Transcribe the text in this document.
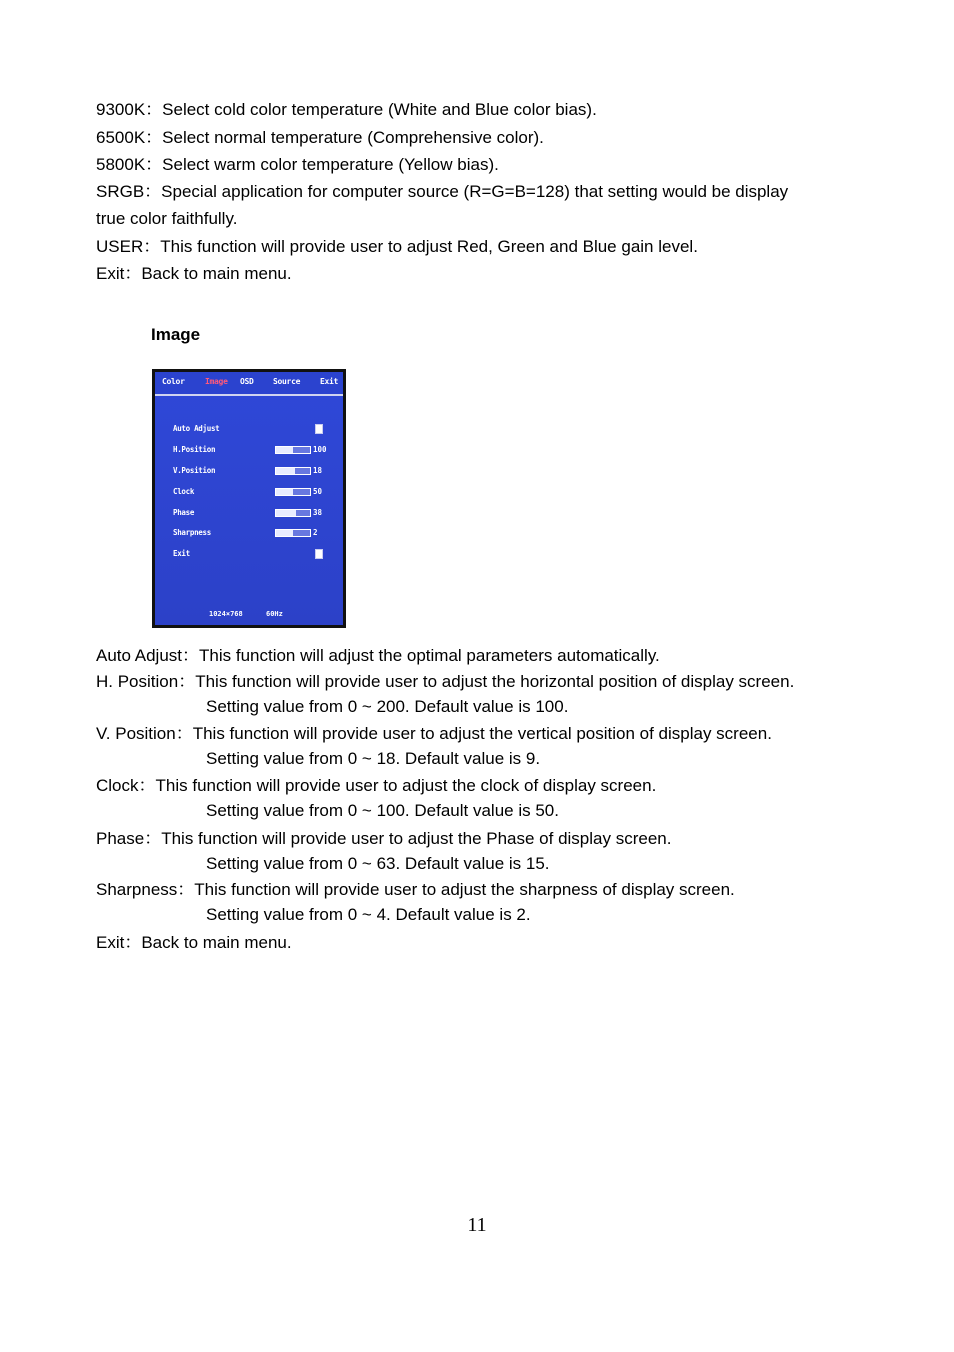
9300K：Select cold color temperature (White and Blue color bias).
6500K：Select normal temperature (Comprehensive color).
5800K：Select warm color temperature (Yellow bias).
SRGB：Special application for computer source (R=G=B=128) that setting would be display
true color faithfully.
USER：This function will provide user to adjust Red, Green and Blue gain level.
Exit：Back to main menu.
Image
Color	Image OSD Source Exit
Auto Adjust
H.Position	100
V.Position	18
Clock	50
Phase	38
Sharpness	2
Exit
1024×768	60Hz
Auto Adjust：This function will adjust the optimal parameters automatically.
H. Position：This function will provide user to adjust the horizontal position of display screen.
Setting value from 0 ~ 200. Default value is 100.
V. Position：This function will provide user to adjust the vertical position of display screen.
Setting value from 0 ~ 18. Default value is 9.
Clock：This function will provide user to adjust the clock of display screen.
Setting value from 0 ~ 100. Default value is 50.
Phase：This function will provide user to adjust the Phase of display screen.
Setting value from 0 ~ 63. Default value is 15.
Sharpness：This function will provide user to adjust the sharpness of display screen.
Setting value from 0 ~ 4. Default value is 2.
Exit：Back to main menu.
11
